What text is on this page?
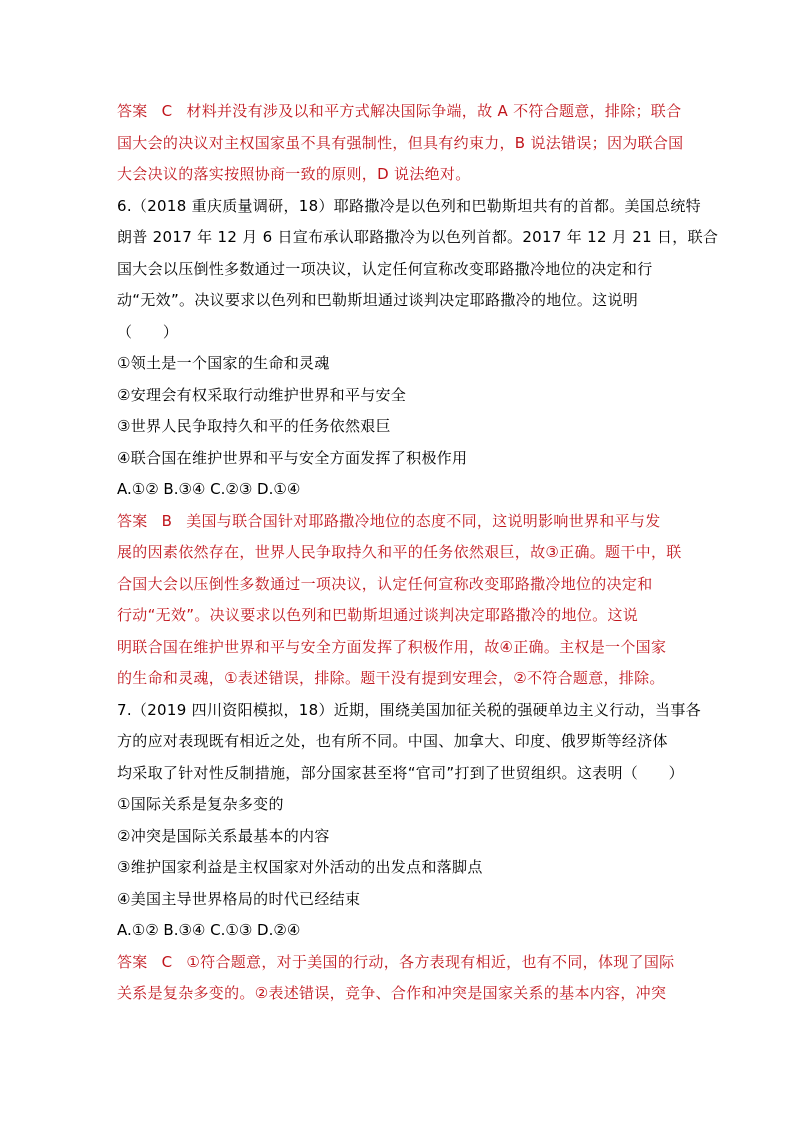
答案 C 材料并没有涉及以和平方式解决国际争端，故 A 不符合题意，排除；联合
国大会的决议对主权国家虽不具有强制性，但具有约束力，B 说法错误；因为联合国
大会决议的落实按照协商一致的原则，D 说法绝对。
6.（2018 重庆质量调研，18）耶路撒冷是以色列和巴勒斯坦共有的首都。美国总统特
朗普 2017 年 12 月 6 日宣布承认耶路撒冷为以色列首都。2017 年 12 月 21 日，联合
国大会以压倒性多数通过一项决议，认定任何宣称改变耶路撒冷地位的决定和行
动“无效”。决议要求以色列和巴勒斯坦通过谈判决定耶路撒冷的地位。这说明
（　　）
①领土是一个国家的生命和灵魂
②安理会有权采取行动维护世界和平与安全
③世界人民争取持久和平的任务依然艰巨
④联合国在维护世界和平与安全方面发挥了积极作用
A.①② B.③④ C.②③ D.①④
答案 B 美国与联合国针对耶路撒冷地位的态度不同，这说明影响世界和平与发
展的因素依然存在，世界人民争取持久和平的任务依然艰巨，故③正确。题干中，联
合国大会以压倒性多数通过一项决议，认定任何宣称改变耶路撒冷地位的决定和
行动“无效”。决议要求以色列和巴勒斯坦通过谈判决定耶路撒冷的地位。这说
明联合国在维护世界和平与安全方面发挥了积极作用，故④正确。主权是一个国家
的生命和灵魂，①表述错误，排除。题干没有提到安理会，②不符合题意，排除。
7.（2019 四川资阳模拟，18）近期，围绕美国加征关税的强硬单边主义行动，当事各
方的应对表现既有相近之处，也有所不同。中国、加拿大、印度、俄罗斯等经济体
均采取了针对性反制措施，部分国家甚至将“官司”打到了世贸组织。这表明（　　）
①国际关系是复杂多变的
②冲突是国际关系最基本的内容
③维护国家利益是主权国家对外活动的出发点和落脚点
④美国主导世界格局的时代已经结束
A.①② B.③④ C.①③ D.②④
答案 C ①符合题意，对于美国的行动，各方表现有相近，也有不同，体现了国际
关系是复杂多变的。②表述错误，竞争、合作和冲突是国家关系的基本内容，冲突
